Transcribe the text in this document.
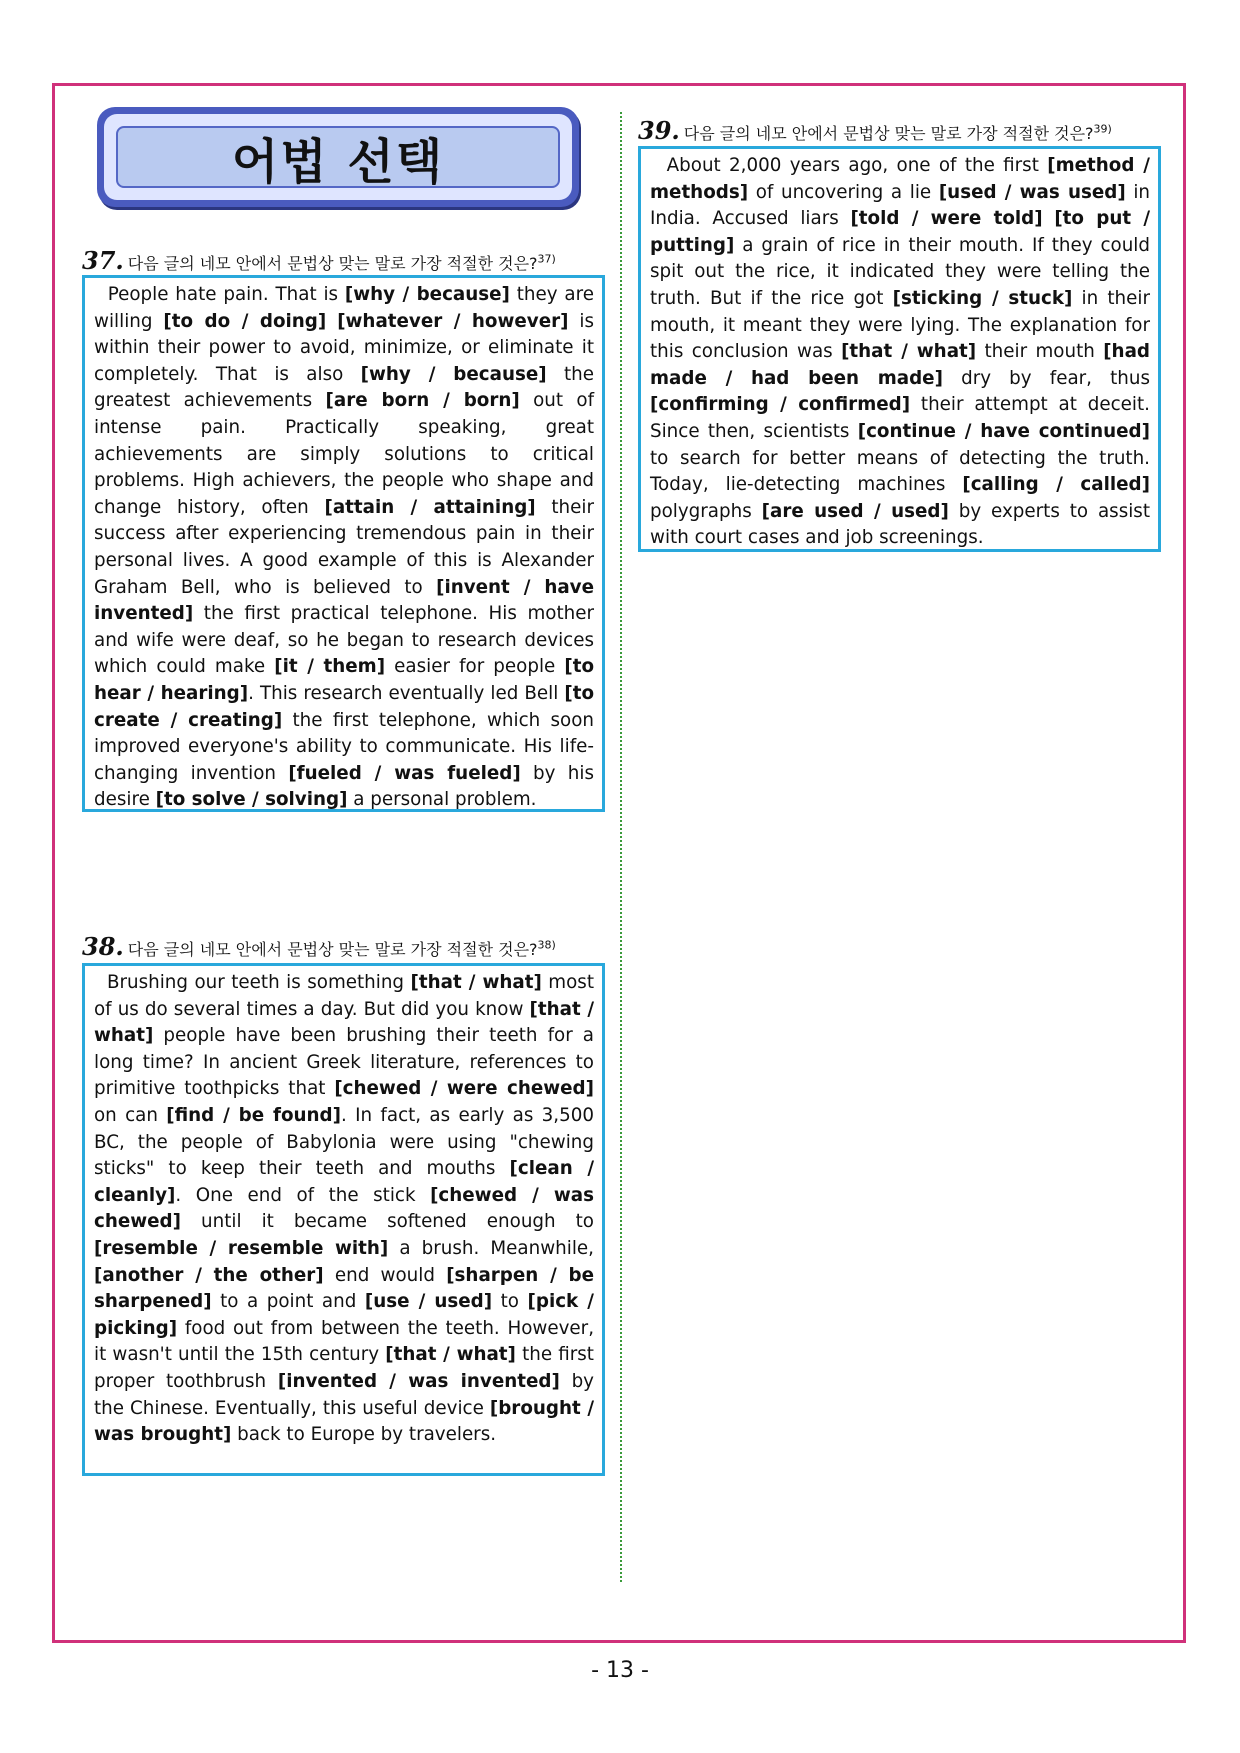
어법 선택
37. 다음 글의 네모 안에서 문법상 맞는 말로 가장 적절한 것은?$^{37)}$
People hate pain. That is [why / because] they are willing [to do / doing] [whatever / however] is within their power to avoid, minimize, or eliminate it completely. That is also [why / because] the greatest achievements [are born / born] out of intense pain. Practically speaking, great achievements are simply solutions to critical problems. High achievers, the people who shape and change history, often [attain / attaining] their success after experiencing tremendous pain in their personal lives. A good example of this is Alexander Graham Bell, who is believed to [invent / have invented] the first practical telephone. His mother and wife were deaf, so he began to research devices which could make [it / them] easier for people [to hear / hearing]. This research eventually led Bell [to create / creating] the first telephone, which soon improved everyone's ability to communicate. His life-changing invention [fueled / was fueled] by his desire [to solve / solving] a personal problem.
38. 다음 글의 네모 안에서 문법상 맞는 말로 가장 적절한 것은?$^{38)}$
Brushing our teeth is something [that / what] most of us do several times a day. But did you know [that / what] people have been brushing their teeth for a long time? In ancient Greek literature, references to primitive toothpicks that [chewed / were chewed] on can [find / be found]. In fact, as early as 3,500 BC, the people of Babylonia were using "chewing sticks" to keep their teeth and mouths [clean / cleanly]. One end of the stick [chewed / was chewed] until it became softened enough to [resemble / resemble with] a brush. Meanwhile, [another / the other] end would [sharpen / be sharpened] to a point and [use / used] to [pick / picking] food out from between the teeth. However, it wasn't until the 15th century [that / what] the first proper toothbrush [invented / was invented] by the Chinese. Eventually, this useful device [brought / was brought] back to Europe by travelers.
39. 다음 글의 네모 안에서 문법상 맞는 말로 가장 적절한 것은?$^{39)}$
About 2,000 years ago, one of the first [method / methods] of uncovering a lie [used / was used] in India. Accused liars [told / were told] [to put / putting] a grain of rice in their mouth. If they could spit out the rice, it indicated they were telling the truth. But if the rice got [sticking / stuck] in their mouth, it meant they were lying. The explanation for this conclusion was [that / what] their mouth [had made / had been made] dry by fear, thus [confirming / confirmed] their attempt at deceit. Since then, scientists [continue / have continued] to search for better means of detecting the truth. Today, lie-detecting machines [calling / called] polygraphs [are used / used] by experts to assist with court cases and job screenings.
- 13 -
